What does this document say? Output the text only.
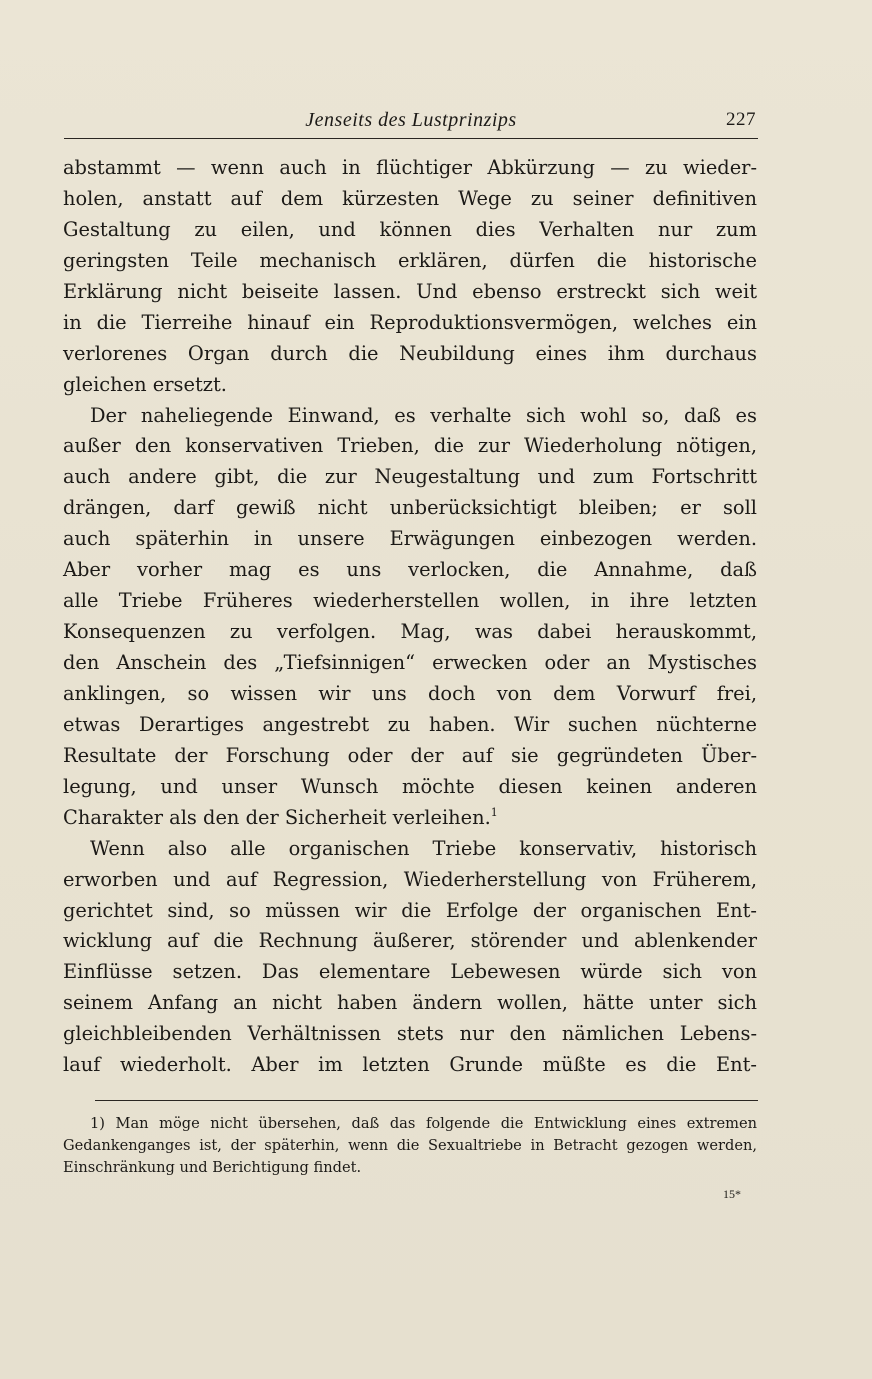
Jenseits des Lustprinzips	227
abstammt — wenn auch in flüchtiger Abkürzung — zu wieder-
holen, anstatt auf dem kürzesten Wege zu seiner definitiven
Gestaltung zu eilen, und können dies Verhalten nur zum
geringsten Teile mechanisch erklären, dürfen die historische
Erklärung nicht beiseite lassen. Und ebenso erstreckt sich weit
in die Tierreihe hinauf ein Reproduktionsvermögen, welches ein
verlorenes Organ durch die Neubildung eines ihm durchaus
gleichen ersetzt.
Der naheliegende Einwand, es verhalte sich wohl so, daß es
außer den konservativen Trieben, die zur Wiederholung nötigen,
auch andere gibt, die zur Neugestaltung und zum Fortschritt
drängen, darf gewiß nicht unberücksichtigt bleiben; er soll
auch späterhin in unsere Erwägungen einbezogen werden.
Aber vorher mag es uns verlocken, die Annahme, daß
alle Triebe Früheres wiederherstellen wollen, in ihre letzten
Konsequenzen zu verfolgen. Mag, was dabei herauskommt,
den Anschein des „Tiefsinnigen“ erwecken oder an Mystisches
anklingen, so wissen wir uns doch von dem Vorwurf frei,
etwas Derartiges angestrebt zu haben. Wir suchen nüchterne
Resultate der Forschung oder der auf sie gegründeten Über-
legung, und unser Wunsch möchte diesen keinen anderen
Charakter als den der Sicherheit verleihen.$^1$
Wenn also alle organischen Triebe konservativ, historisch
erworben und auf Regression, Wiederherstellung von Früherem,
gerichtet sind, so müssen wir die Erfolge der organischen Ent-
wicklung auf die Rechnung äußerer, störender und ablenkender
Einflüsse setzen. Das elementare Lebewesen würde sich von
seinem Anfang an nicht haben ändern wollen, hätte unter sich
gleichbleibenden Verhältnissen stets nur den nämlichen Lebens-
lauf wiederholt. Aber im letzten Grunde müßte es die Ent-
1) Man möge nicht übersehen, daß das folgende die Entwicklung eines extremen
Gedankenganges ist, der späterhin, wenn die Sexualtriebe in Betracht gezogen werden,
Einschränkung und Berichtigung findet.
15*
